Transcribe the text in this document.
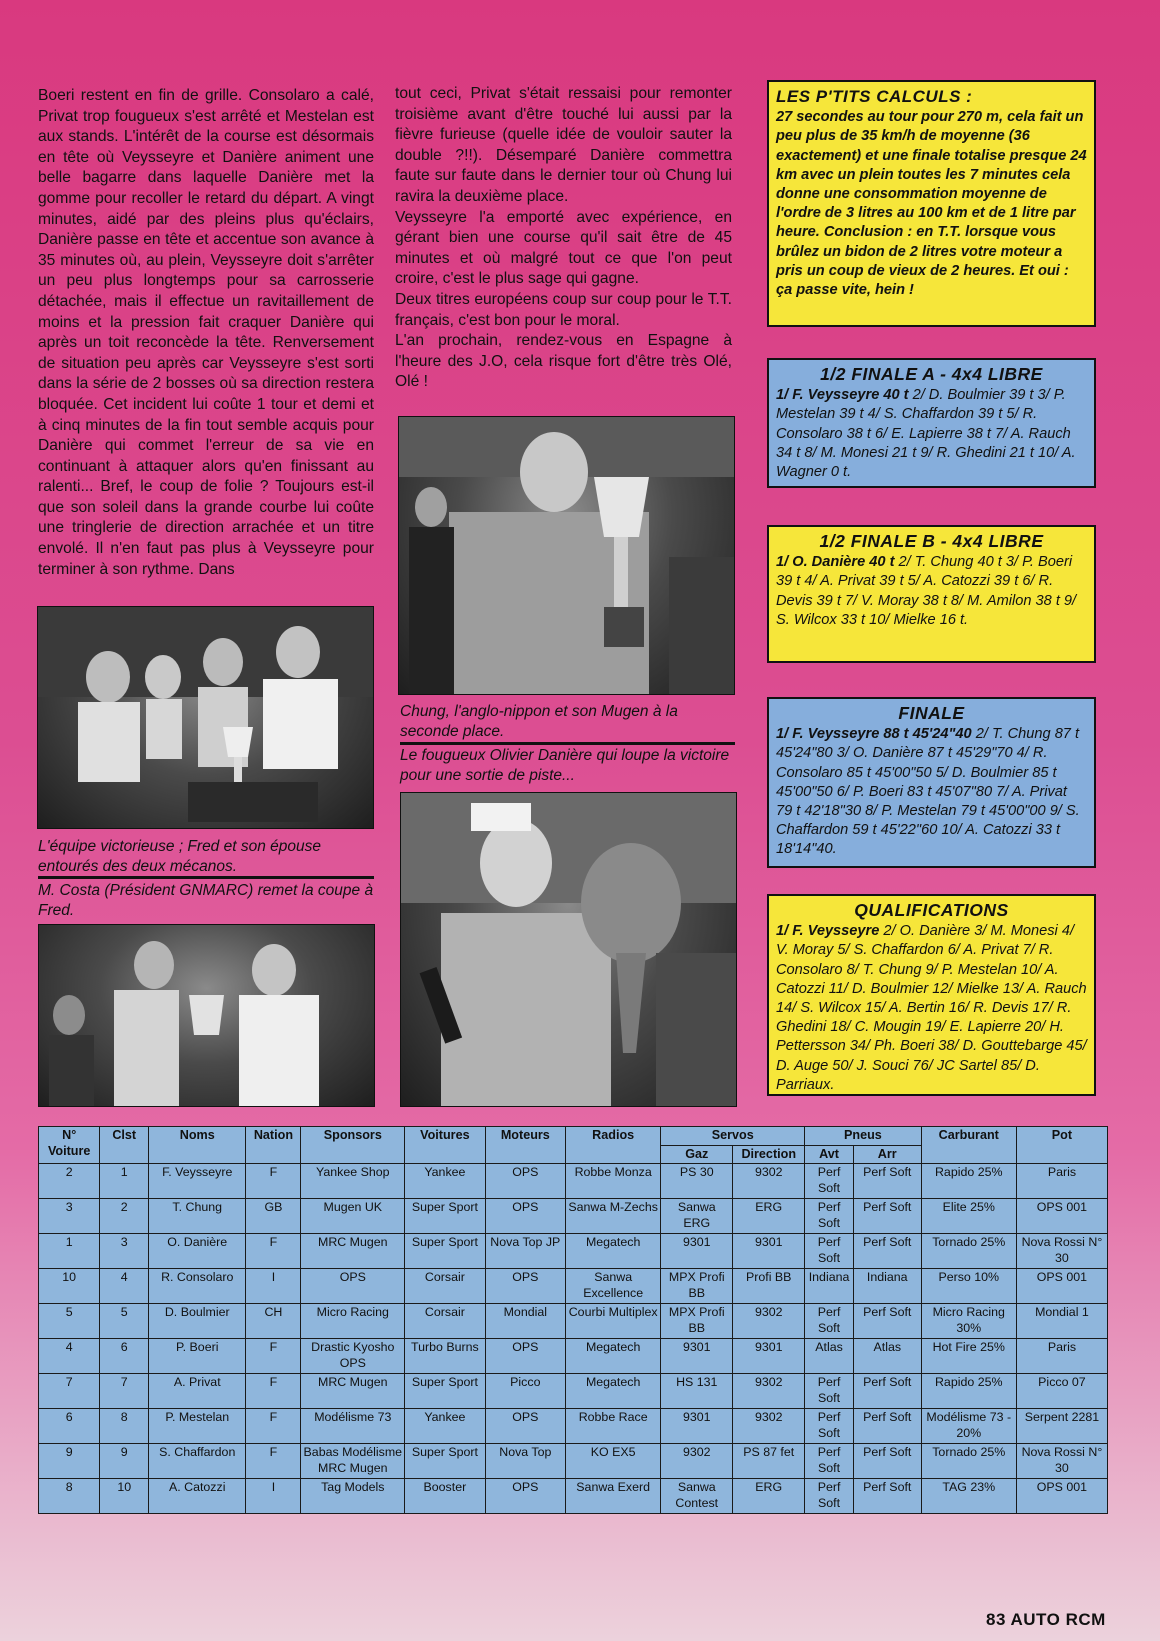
Boeri restent en fin de grille. Consolaro a calé, Privat trop fougueux s'est arrêté et Mestelan est aux stands. L'intérêt de la course est désormais en tête où Veysseyre et Danière animent une belle bagarre dans laquelle Danière met la gomme pour recoller le retard du départ. A vingt minutes, aidé par des pleins plus qu'éclairs, Danière passe en tête et accentue son avance à 35 minutes où, au plein, Veysseyre doit s'arrêter un peu plus longtemps pour sa carrosserie détachée, mais il effectue un ravitaillement de moins et la pression fait craquer Danière qui après un toit reconcède la tête. Renversement de situation peu après car Veysseyre s'est sorti dans la série de 2 bosses où sa direction restera bloquée. Cet incident lui coûte 1 tour et demi et à cinq minutes de la fin tout semble acquis pour Danière qui commet l'erreur de sa vie en continuant à attaquer alors qu'en finissant au ralenti... Bref, le coup de folie ? Toujours est-il que son soleil dans la grande courbe lui coûte une tringlerie de direction arrachée et un titre envolé. Il n'en faut pas plus à Veysseyre pour terminer à son rythme. Dans

tout ceci, Privat s'était ressaisi pour remonter troisième avant d'être touché lui aussi par la fièvre furieuse (quelle idée de vouloir sauter la double ?!!). Désemparé Danière commettra faute sur faute dans le dernier tour où Chung lui ravira la deuxième place.

Veysseyre l'a emporté avec expérience, en gérant bien une course qu'il sait être de 45 minutes et où malgré tout ce que l'on peut croire, c'est le plus sage qui gagne.

Deux titres européens coup sur coup pour le T.T. français, c'est bon pour le moral.

L'an prochain, rendez-vous en Espagne à l'heure des J.O, cela risque fort d'être très Olé, Olé !

L'équipe victorieuse ; Fred et son épouse entourés des deux mécanos.
M. Costa (Président GNMARC) remet la coupe à Fred.
Chung, l'anglo-nippon et son Mugen à la seconde place.
Le fougueux Olivier Danière qui loupe la victoire pour une sortie de piste...
LES P'TITS CALCULS :
27 secondes au tour pour 270 m, cela fait un peu plus de 35 km/h de moyenne (36 exactement) et une finale totalise presque 24 km avec un plein toutes les 7 minutes cela donne une consommation moyenne de l'ordre de 3 litres au 100 km et de 1 litre par heure. Conclusion : en T.T. lorsque vous brûlez un bidon de 2 litres votre moteur a pris un coup de vieux de 2 heures. Et oui : ça passe vite, hein !
1/2 FINALE A - 4x4 LIBRE
1/ F. Veysseyre 40 t 2/ D. Boulmier 39 t 3/ P. Mestelan 39 t 4/ S. Chaffardon 39 t 5/ R. Consolaro 38 t 6/ E. Lapierre 38 t 7/ A. Rauch 34 t 8/ M. Monesi 21 t 9/ R. Ghedini 21 t 10/ A. Wagner 0 t.
1/2 FINALE B - 4x4 LIBRE
1/ O. Danière 40 t 2/ T. Chung 40 t 3/ P. Boeri 39 t 4/ A. Privat 39 t 5/ A. Catozzi 39 t 6/ R. Devis 39 t 7/ V. Moray 38 t 8/ M. Amilon 38 t 9/ S. Wilcox 33 t 10/ Mielke 16 t.
FINALE
1/ F. Veysseyre 88 t 45'24"40 2/ T. Chung 87 t 45'24"80 3/ O. Danière 87 t 45'29"70 4/ R. Consolaro 85 t 45'00"50 5/ D. Boulmier 85 t 45'00"50 6/ P. Boeri 83 t 45'07"80 7/ A. Privat 79 t 42'18"30 8/ P. Mestelan 79 t 45'00"00 9/ S. Chaffardon 59 t 45'22"60 10/ A. Catozzi 33 t 18'14"40.
QUALIFICATIONS
1/ F. Veysseyre 2/ O. Danière 3/ M. Monesi 4/ V. Moray 5/ S. Chaffardon 6/ A. Privat 7/ R. Consolaro 8/ T. Chung 9/ P. Mestelan 10/ A. Catozzi 11/ D. Boulmier 12/ Mielke 13/ A. Rauch 14/ S. Wilcox 15/ A. Bertin 16/ R. Devis 17/ R. Ghedini 18/ C. Mougin 19/ E. Lapierre 20/ H. Pettersson 34/ Ph. Boeri 38/ D. Gouttebarge 45/ D. Auge 50/ J. Souci 76/ JC Sartel 85/ D. Parriaux.
N° Voiture	Clst	Noms	Nation	Sponsors	Voitures	Moteurs	Radios	Servos		Pneus		Carburant	Pot
								Gaz	Direction	Avt	Arr		
2	1	F. Veysseyre	F	Yankee Shop	Yankee	OPS	Robbe Monza	PS 30	9302	Perf Soft	Perf Soft	Rapido 25%	Paris
3	2	T. Chung	GB	Mugen UK	Super Sport	OPS	Sanwa M-Zechs	Sanwa ERG	ERG	Perf Soft	Perf Soft	Elite 25%	OPS 001
1	3	O. Danière	F	MRC Mugen	Super Sport	Nova Top JP	Megatech	9301	9301	Perf Soft	Perf Soft	Tornado 25%	Nova Rossi N° 30
10	4	R. Consolaro	I	OPS	Corsair	OPS	Sanwa Excellence	MPX Profi BB	Profi BB	Indiana	Indiana	Perso 10%	OPS 001
5	5	D. Boulmier	CH	Micro Racing	Corsair	Mondial	Courbi Multiplex	MPX Profi BB	9302	Perf Soft	Perf Soft	Micro Racing 30%	Mondial 1
4	6	P. Boeri	F	Drastic Kyosho OPS	Turbo Burns	OPS	Megatech	9301	9301	Atlas	Atlas	Hot Fire 25%	Paris
7	7	A. Privat	F	MRC Mugen	Super Sport	Picco	Megatech	HS 131	9302	Perf Soft	Perf Soft	Rapido 25%	Picco 07
6	8	P. Mestelan	F	Modélisme 73	Yankee	OPS	Robbe Race	9301	9302	Perf Soft	Perf Soft	Modélisme 73 - 20%	Serpent 2281
9	9	S. Chaffardon	F	Babas Modélisme MRC Mugen	Super Sport	Nova Top	KO EX5	9302	PS 87 fet	Perf Soft	Perf Soft	Tornado 25%	Nova Rossi N° 30
8	10	A. Catozzi	I	Tag Models	Booster	OPS	Sanwa Exerd	Sanwa Contest	ERG	Perf Soft	Perf Soft	TAG 23%	OPS 001
83 AUTO RCM
